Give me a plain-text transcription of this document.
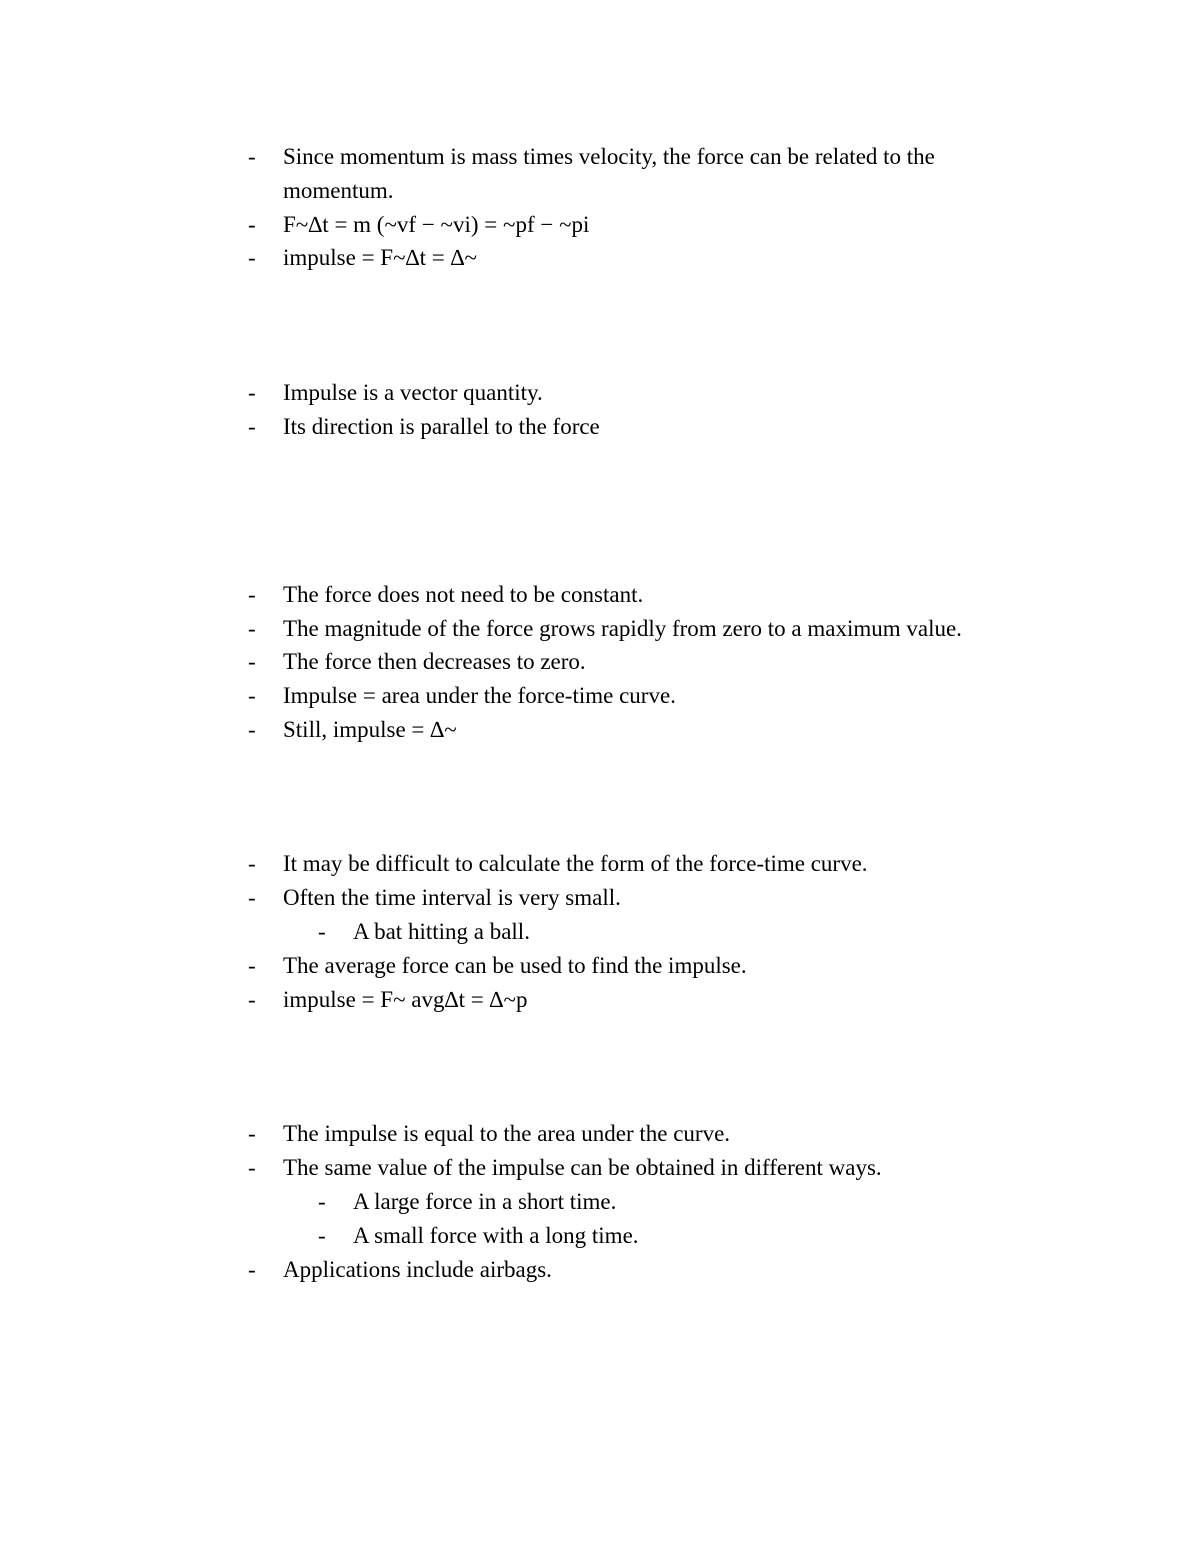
- Since momentum is mass times velocity, the force can be related to the
momentum.
- F~∆t = m (~vf − ~vi) = ~pf − ~pi
- impulse = F~∆t = ∆~
- Impulse is a vector quantity.
- Its direction is parallel to the force
- The force does not need to be constant.
- The magnitude of the force grows rapidly from zero to a maximum value.
- The force then decreases to zero.
- Impulse = area under the force-time curve.
- Still, impulse = ∆~
- It may be difficult to calculate the form of the force-time curve.
- Often the time interval is very small.
- A bat hitting a ball.
- The average force can be used to find the impulse.
- impulse = F~ avg∆t = ∆~p
- The impulse is equal to the area under the curve.
- The same value of the impulse can be obtained in different ways.
- A large force in a short time.
- A small force with a long time.
- Applications include airbags.
